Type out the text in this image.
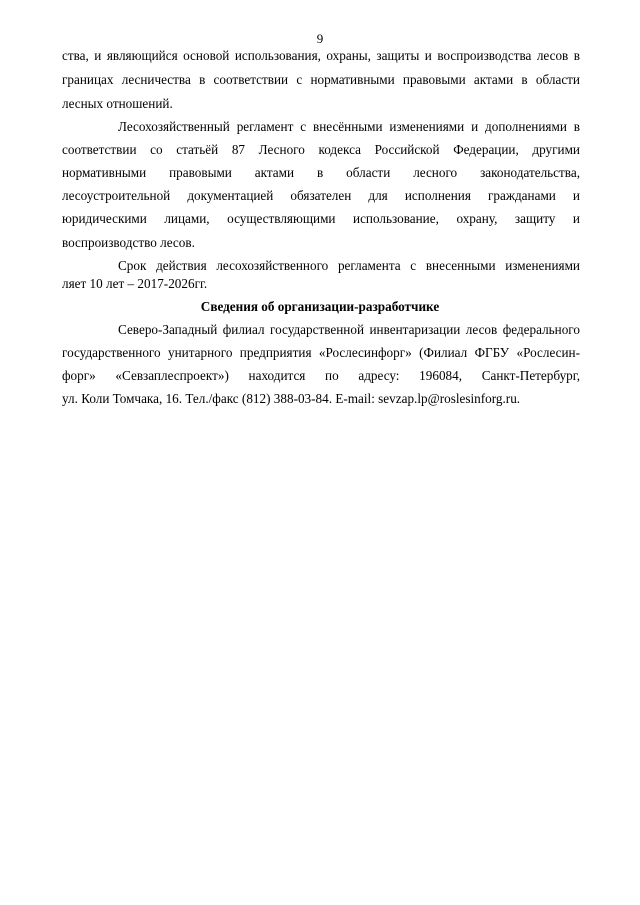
9
ства, и являющийся основой использования, охраны, защиты и воспроизводства лесов в
границах лесничества в соответствии с нормативными правовыми актами в области
лесных отношений.
Лесохозяйственный регламент с внесёнными изменениями и дополнениями в
соответствии со статьёй 87 Лесного кодекса Российской Федерации, другими
нормативными правовыми актами в области лесного законодательства,
лесоустроительной документацией обязателен для исполнения гражданами и
юридическими лицами, осуществляющими использование, охрану, защиту и
воспроизводство лесов.
Срок действия лесохозяйственного регламента с внесенными изменениями
ляет 10 лет – 2017-2026гг.
Сведения об организации-разработчике
Северо-Западный филиал государственной инвентаризации лесов федерального
государственного унитарного предприятия «Рослесинфорг» (Филиал ФГБУ «Рослесин-
форг» «Севзаплеспроект») находится по адресу: 196084, Санкт-Петербург,
ул. Коли Томчака, 16. Тел./факс (812) 388-03-84. E-mail: sevzap.lp@roslesinforg.ru.
